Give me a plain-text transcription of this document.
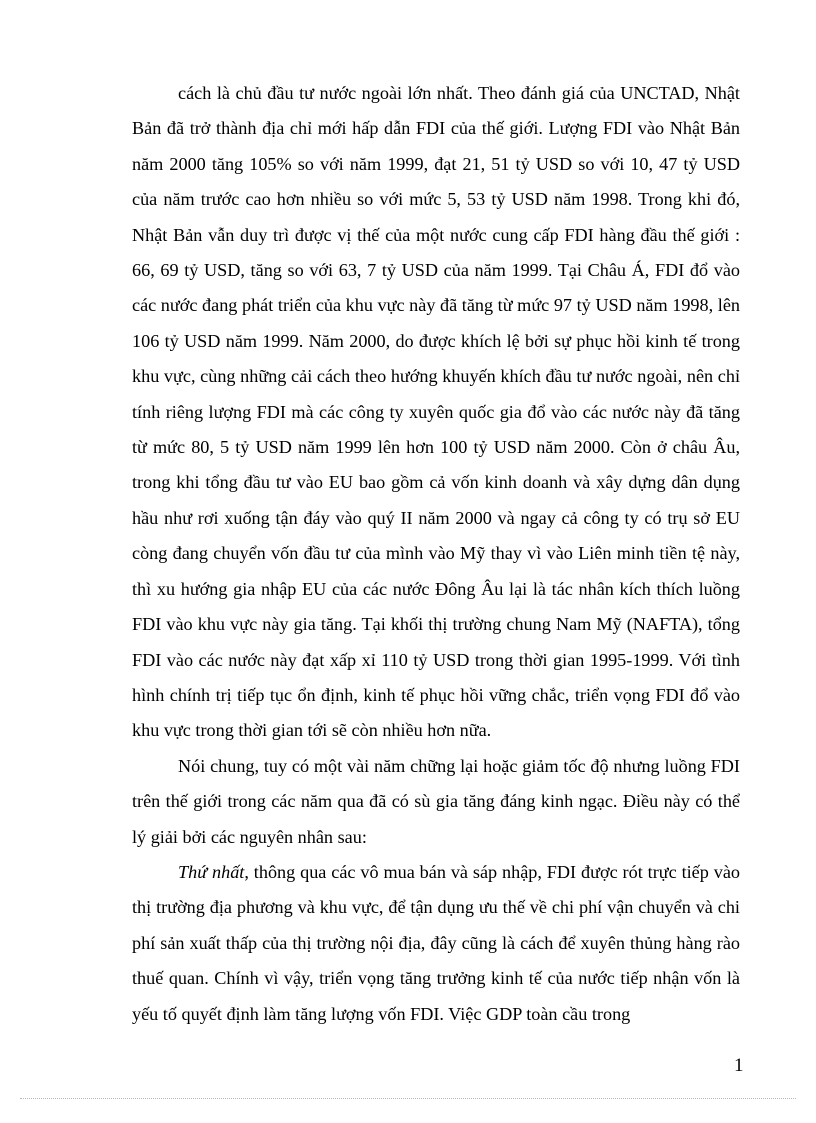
cách là chủ đầu tư nước ngoài lớn nhất. Theo đánh giá của UNCTAD, Nhật Bản đã trở thành địa chỉ mới hấp dẫn FDI của thế giới. Lượng FDI vào Nhật Bản năm 2000 tăng 105% so với năm 1999, đạt 21, 51 tỷ USD so với 10, 47 tỷ USD của năm trước cao hơn nhiều so với mức 5, 53 tỷ USD năm 1998. Trong khi đó, Nhật Bản vẫn duy trì được vị thế của một nước cung cấp FDI hàng đầu thế giới : 66, 69 tỷ USD, tăng so với 63, 7 tỷ USD của năm 1999. Tại Châu Á, FDI đổ vào các nước đang phát triển của khu vực này đã tăng từ mức 97 tỷ USD năm 1998, lên 106 tỷ USD năm 1999. Năm 2000, do được khích lệ bởi sự phục hồi kinh tế trong khu vực, cùng những cải cách theo hướng khuyến khích đầu tư nước ngoài, nên chỉ tính riêng lượng FDI mà các công ty xuyên quốc gia đổ vào các nước này đã tăng từ mức 80, 5 tỷ USD năm 1999 lên hơn 100 tỷ USD năm 2000. Còn ở châu Âu, trong khi tổng đầu tư vào EU bao gồm cả vốn kinh doanh và xây dựng dân dụng hầu như rơi xuống tận đáy vào quý II năm 2000 và ngay cả công ty có trụ sở EU còng đang chuyển vốn đầu tư của mình vào Mỹ thay vì vào Liên minh tiền tệ này, thì xu hướng gia nhập EU của các nước Đông Âu lại là tác nhân kích thích luồng FDI vào khu vực này gia tăng. Tại khối thị trường chung Nam Mỹ (NAFTA), tổng FDI vào các nước này đạt xấp xỉ 110 tỷ USD trong thời gian 1995-1999. Với tình hình chính trị tiếp tục ổn định, kinh tế phục hồi vững chắc, triển vọng FDI đổ vào khu vực trong thời gian tới sẽ còn nhiều hơn nữa.

Nói chung, tuy có một vài năm chững lại hoặc giảm tốc độ nhưng luồng FDI trên thế giới trong các năm qua đã có sù gia tăng đáng kinh ngạc. Điều này có thể lý giải bởi các nguyên nhân sau:

Thứ nhất, thông qua các vô mua bán và sáp nhập, FDI được rót trực tiếp vào thị trường địa phương và khu vực, để tận dụng ưu thế về chi phí vận chuyển và chi phí sản xuất thấp của thị trường nội địa, đây cũng là cách để xuyên thủng hàng rào thuế quan. Chính vì vậy, triển vọng tăng trưởng kinh tế của nước tiếp nhận vốn là yếu tố quyết định làm tăng lượng vốn FDI. Việc GDP toàn cầu trong

1
